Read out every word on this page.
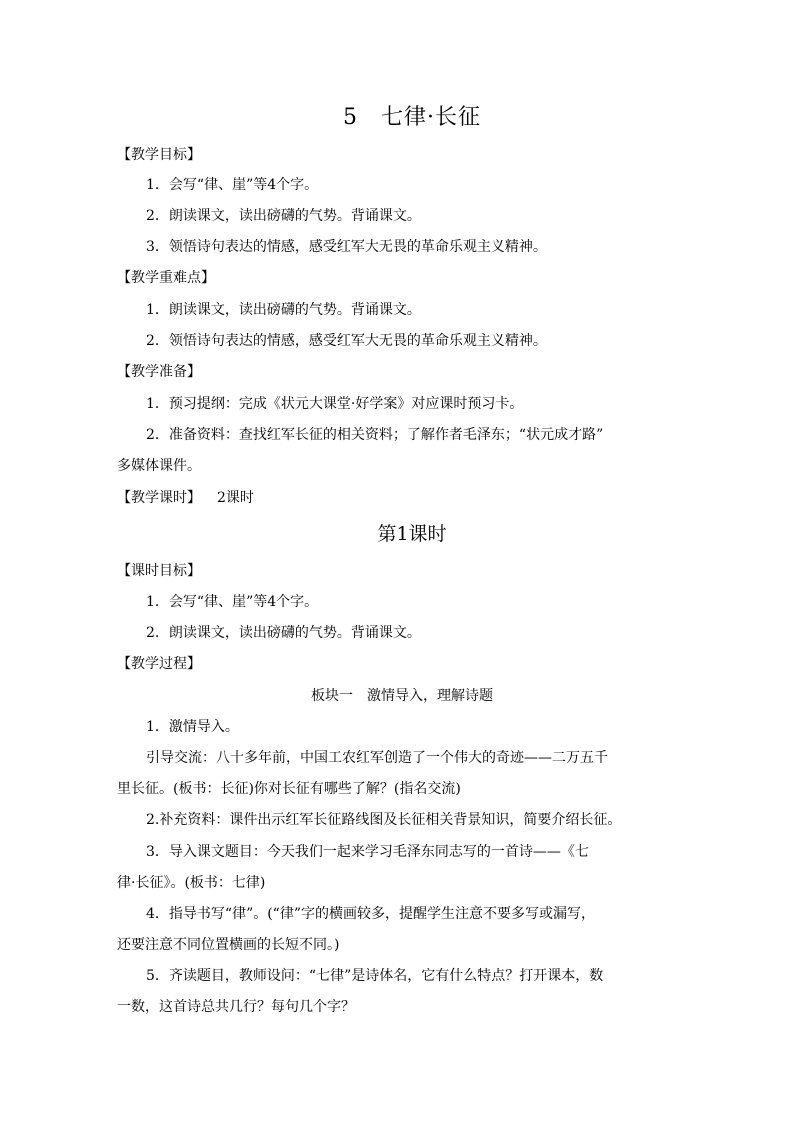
5　七律·长征
【教学目标】
1．会写“律、崖”等4个字。
2．朗读课文，读出磅礴的气势。背诵课文。
3．领悟诗句表达的情感，感受红军大无畏的革命乐观主义精神。
【教学重难点】
1．朗读课文，读出磅礴的气势。背诵课文。
2．领悟诗句表达的情感，感受红军大无畏的革命乐观主义精神。
【教学准备】
1．预习提纲：完成《状元大课堂·好学案》对应课时预习卡。
2．准备资料：查找红军长征的相关资料；了解作者毛泽东；“状元成才路”
多媒体课件。
【教学课时】 2课时
第1课时
【课时目标】
1．会写“律、崖”等4个字。
2．朗读课文，读出磅礴的气势。背诵课文。
【教学过程】
板块一　激情导入，理解诗题
1．激情导入。
引导交流：八十多年前，中国工农红军创造了一个伟大的奇迹——二万五千
里长征。(板书：长征)你对长征有哪些了解？(指名交流)
2.补充资料：课件出示红军长征路线图及长征相关背景知识，简要介绍长征。
3．导入课文题目：今天我们一起来学习毛泽东同志写的一首诗——《七
律·长征》。(板书：七律)
4．指导书写“律”。(“律”字的横画较多，提醒学生注意不要多写或漏写，
还要注意不同位置横画的长短不同。)
5．齐读题目，教师设问：“七律”是诗体名，它有什么特点？打开课本，数
一数，这首诗总共几行？每句几个字？
